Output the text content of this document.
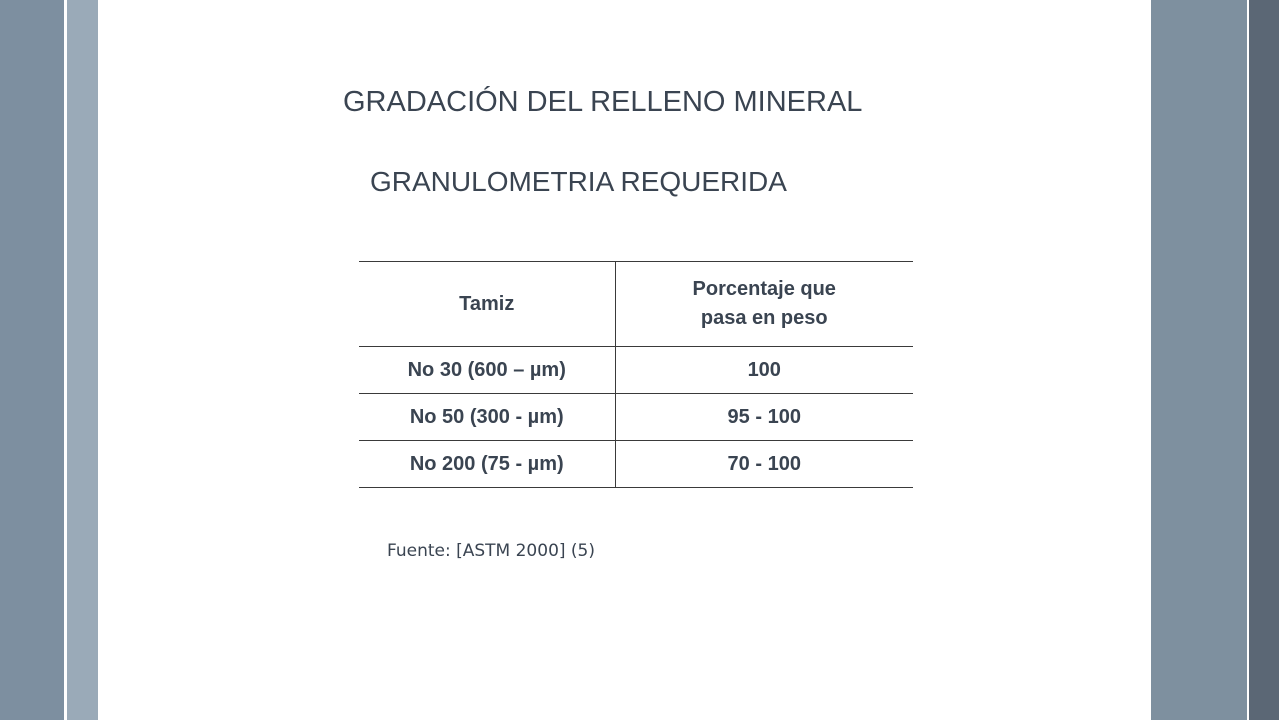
GRADACIÓN DEL RELLENO MINERAL
GRANULOMETRIA REQUERIDA
Tamiz	Porcentaje que
pasa en peso

No 30 (600 – µm)	100
No 50 (300 - µm)	95 - 100
No 200 (75 - µm)	70 - 100
Fuente: [ASTM 2000] (5)
